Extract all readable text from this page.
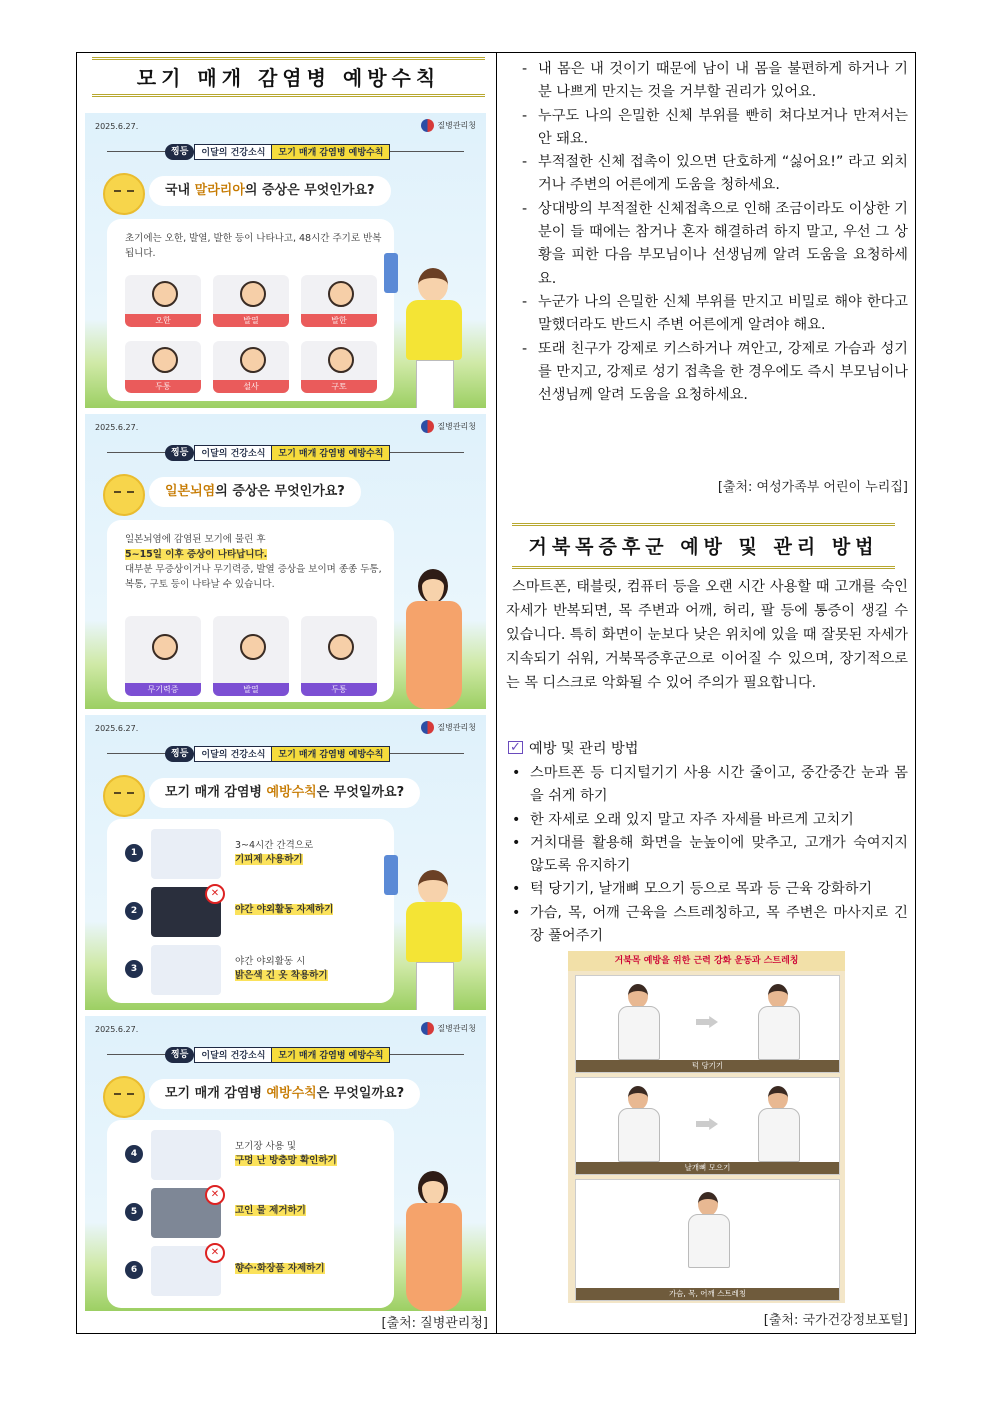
모기 매개 감염병 예방수칙
2025.6.27.	질병관리청
찡등	이달의 건강소식	모기 매개 감염병 예방수칙
국내 말라리아의 증상은 무엇인가요?
초기에는 오한, 발열, 발한 등이 나타나고, 48시간 주기로 반복됩니다.
오한	발열	발한
두통	설사	구토
2025.6.27.	질병관리청
찡등	이달의 건강소식	모기 매개 감염병 예방수칙
일본뇌염의 증상은 무엇인가요?
일본뇌염에 감염된 모기에 물린 후
5~15일 이후 증상이 나타납니다.
대부분 무증상이거나 무기력증, 발열 증상을 보이며 종종 두통, 복통, 구토 등이 나타날 수 있습니다.
무기력증	발열	두통
2025.6.27.	질병관리청
찡등	이달의 건강소식	모기 매개 감염병 예방수칙
모기 매개 감염병 예방수칙은 무엇일까요?
1
3~4시간 간격으로
기피제 사용하기
2
✕
야간 야외활동 자제하기
3
야간 야외활동 시
밝은색 긴 옷 착용하기
2025.6.27.	질병관리청
찡등	이달의 건강소식	모기 매개 감염병 예방수칙
모기 매개 감염병 예방수칙은 무엇일까요?
4
모기장 사용 및
구멍 난 방충망 확인하기
5
✕
고인 물 제거하기
6
✕
향수·화장품 자제하기
[출처: 질병관리청]
- 내 몸은 내 것이기 때문에 남이 내 몸을 불편하게 하거나 기분 나쁘게 만지는 것을 거부할 권리가 있어요.
- 누구도 나의 은밀한 신체 부위를 빤히 쳐다보거나 만져서는 안 돼요.
- 부적절한 신체 접촉이 있으면 단호하게 “싫어요!” 라고 외치거나 주변의 어른에게 도움을 청하세요.
- 상대방의 부적절한 신체접촉으로 인해 조금이라도 이상한 기분이 들 때에는 참거나 혼자 해결하려 하지 말고, 우선 그 상황을 피한 다음 부모님이나 선생님께 알려 도움을 요청하세요.
- 누군가 나의 은밀한 신체 부위를 만지고 비밀로 해야 한다고 말했더라도 반드시 주변 어른에게 알려야 해요.
- 또래 친구가 강제로 키스하거나 껴안고, 강제로 가슴과 성기를 만지고, 강제로 성기 접촉을 한 경우에도 즉시 부모님이나 선생님께 알려 도움을 요청하세요.
[출처: 여성가족부 어린이 누리집]
거북목증후군 예방 및 관리 방법
스마트폰, 태블릿, 컴퓨터 등을 오랜 시간 사용할 때 고개를 숙인 자세가 반복되면, 목 주변과 어깨, 허리, 팔 등에 통증이 생길 수 있습니다. 특히 화면이 눈보다 낮은 위치에 있을 때 잘못된 자세가 지속되기 쉬워, 거북목증후군으로 이어질 수 있으며, 장기적으로는 목 디스크로 악화될 수 있어 주의가 필요합니다.
✓예방 및 관리 방법
• 스마트폰 등 디지털기기 사용 시간 줄이고, 중간중간 눈과 몸을 쉬게 하기
• 한 자세로 오래 있지 말고 자주 자세를 바르게 고치기
• 거치대를 활용해 화면을 눈높이에 맞추고, 고개가 숙여지지 않도록 유지하기
• 턱 당기기, 날개뼈 모으기 등으로 목과 등 근육 강화하기
• 가슴, 목, 어깨 근육을 스트레칭하고, 목 주변은 마사지로 긴장 풀어주기
거북목 예방을 위한 근력 강화 운동과 스트레칭
턱 당기기
날개뼈 모으기
가슴, 목, 어깨 스트레칭
[출처: 국가건강정보포털]
